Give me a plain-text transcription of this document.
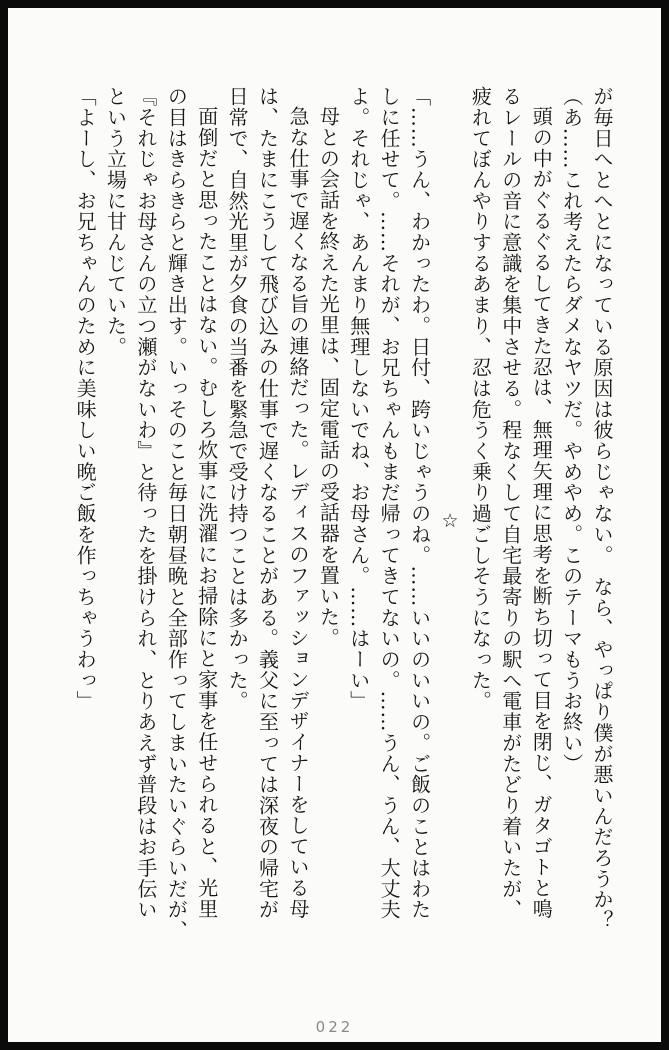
が毎日へとへとになっている原因は彼らじゃない。　なら、やっぱり僕が悪いんだろうか？
（あ……これ考えたらダメなヤツだ。やめやめ。このテーマもうお終い）
頭の中がぐるぐるしてきた忍は、無理矢理に思考を断ち切って目を閉じ、ガタゴトと鳴
るレールの音に意識を集中させる。程なくして自宅最寄りの駅へ電車がたどり着いたが、
疲れてぼんやりするあまり、忍は危うく乗り過ごしそうになった。
☆
「……うん、わかったわ。日付、跨いじゃうのね。……いいのいいの。ご飯のことはわた
しに任せて。……それが、お兄ちゃんもまだ帰ってきてないの。……うん、うん、大丈夫
よ。それじゃ、あんまり無理しないでね、お母さん。……はーい」
母との会話を終えた光里は、固定電話の受話器を置いた。
急な仕事で遅くなる旨の連絡だった。レディスのファッションデザイナーをしている母
は、たまにこうして飛び込みの仕事で遅くなることがある。義父に至っては深夜の帰宅が
日常で、自然光里が夕食の当番を緊急で受け持つことは多かった。
面倒だと思ったことはない。むしろ炊事に洗濯にお掃除にと家事を任せられると、光里
の目はきらきらと輝き出す。いっそのこと毎日朝昼晩と全部作ってしまいたいぐらいだが、
『それじゃお母さんの立つ瀬がないわ』と待ったを掛けられ、とりあえず普段はお手伝い
という立場に甘んじていた。
「よーし、お兄ちゃんのために美味しい晩ご飯を作っちゃうわっ」
022
